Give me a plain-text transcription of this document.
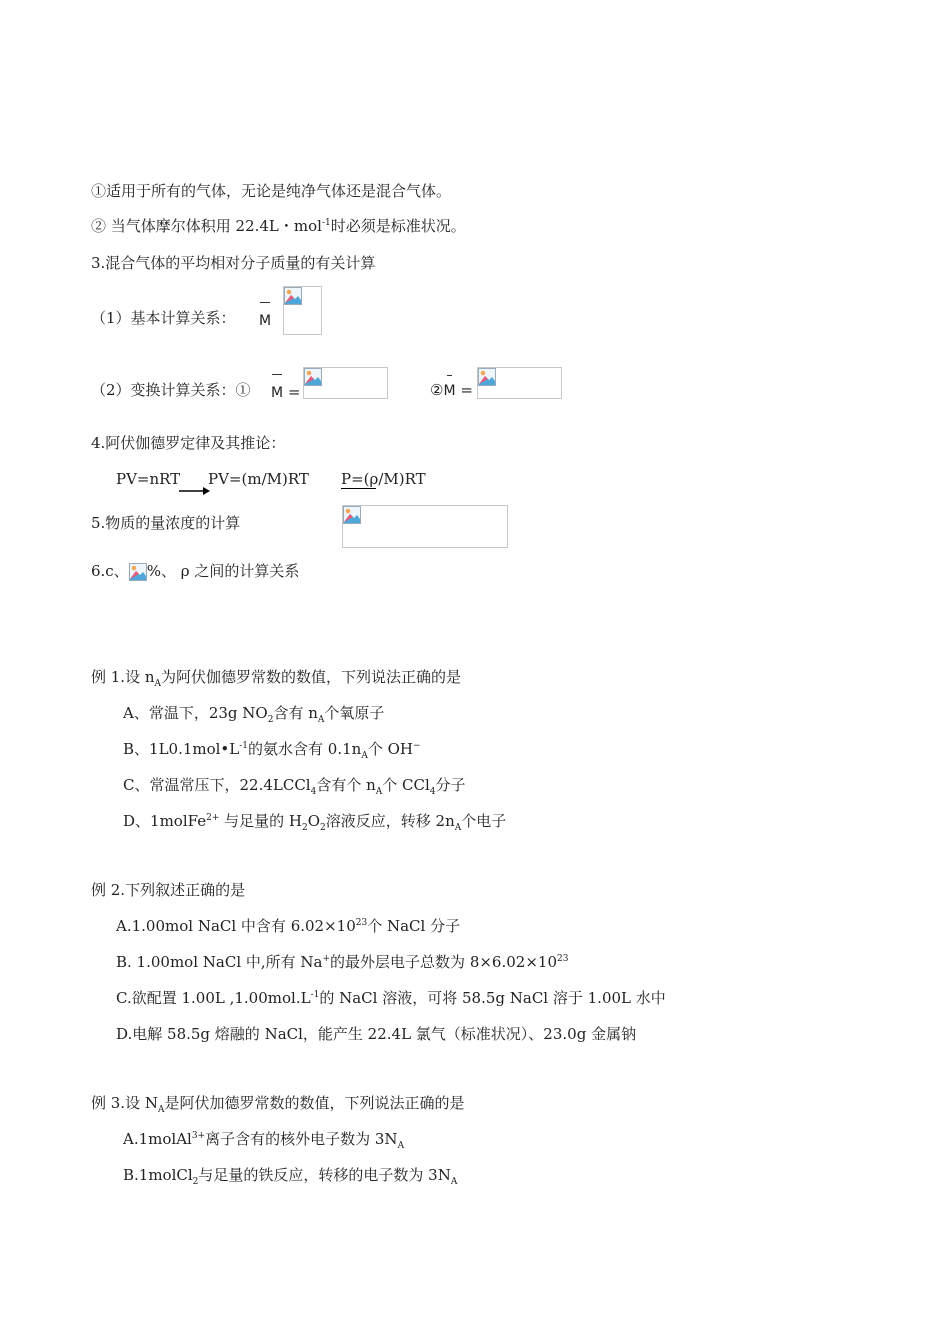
①适用于所有的气体，无论是纯净气体还是混合气体。
② 当气体摩尔体积用 22.4L・mol$^{-1}$时必须是标准状况。
3.混合气体的平均相对分子质量的有关计算
（1）基本计算关系： M
（2）变换计算关系：① M =	②M =
4.阿伏伽德罗定律及其推论：
PV=nRT PV=(m/M)RT P=(ρ/M)RT
5.物质的量浓度的计算
6.c、 %、 ρ 之间的计算关系
例 1.设 $n_A$为阿伏伽德罗常数的数值，下列说法正确的是
A、常温下，23g $NO_2$含有 $n_A$个氧原子
B、$1L0.1mol•L^{-1}$的氨水含有 $0.1n_A$个 OH−
C、常温常压下，22.4LCCl$_4$含有个 $n_A$个 CCl$_4$分子
D、1molFe$^{2+}$ 与足量的 $H_2O_2$溶液反应，转移 $2n_A$个电子
例 2.下列叙述正确的是
A.1.00mol NaCl 中含有 $6.02\times 10^{23}$个 NaCl 分子
B. 1.00mol NaCl 中,所有 Na+的最外层电子总数为 $8\times 6.02\times 10^{23}$
C.欲配置 1.00L $,1.00mol.L^{-1}$的 NaCl 溶液，可将 58.5g NaCl 溶于 1.00L 水中
D.电解 58.5g 熔融的 NaCl，能产生 22.4L 氯气（标准状况）、23.0g 金属钠
例 3.设 $N_A$是阿伏加德罗常数的数值，下列说法正确的是
A.1molAl$^{3+}$离子含有的核外电子数为 $3N_A$
B.1molCl$_2$与足量的铁反应，转移的电子数为 $3N_A$
